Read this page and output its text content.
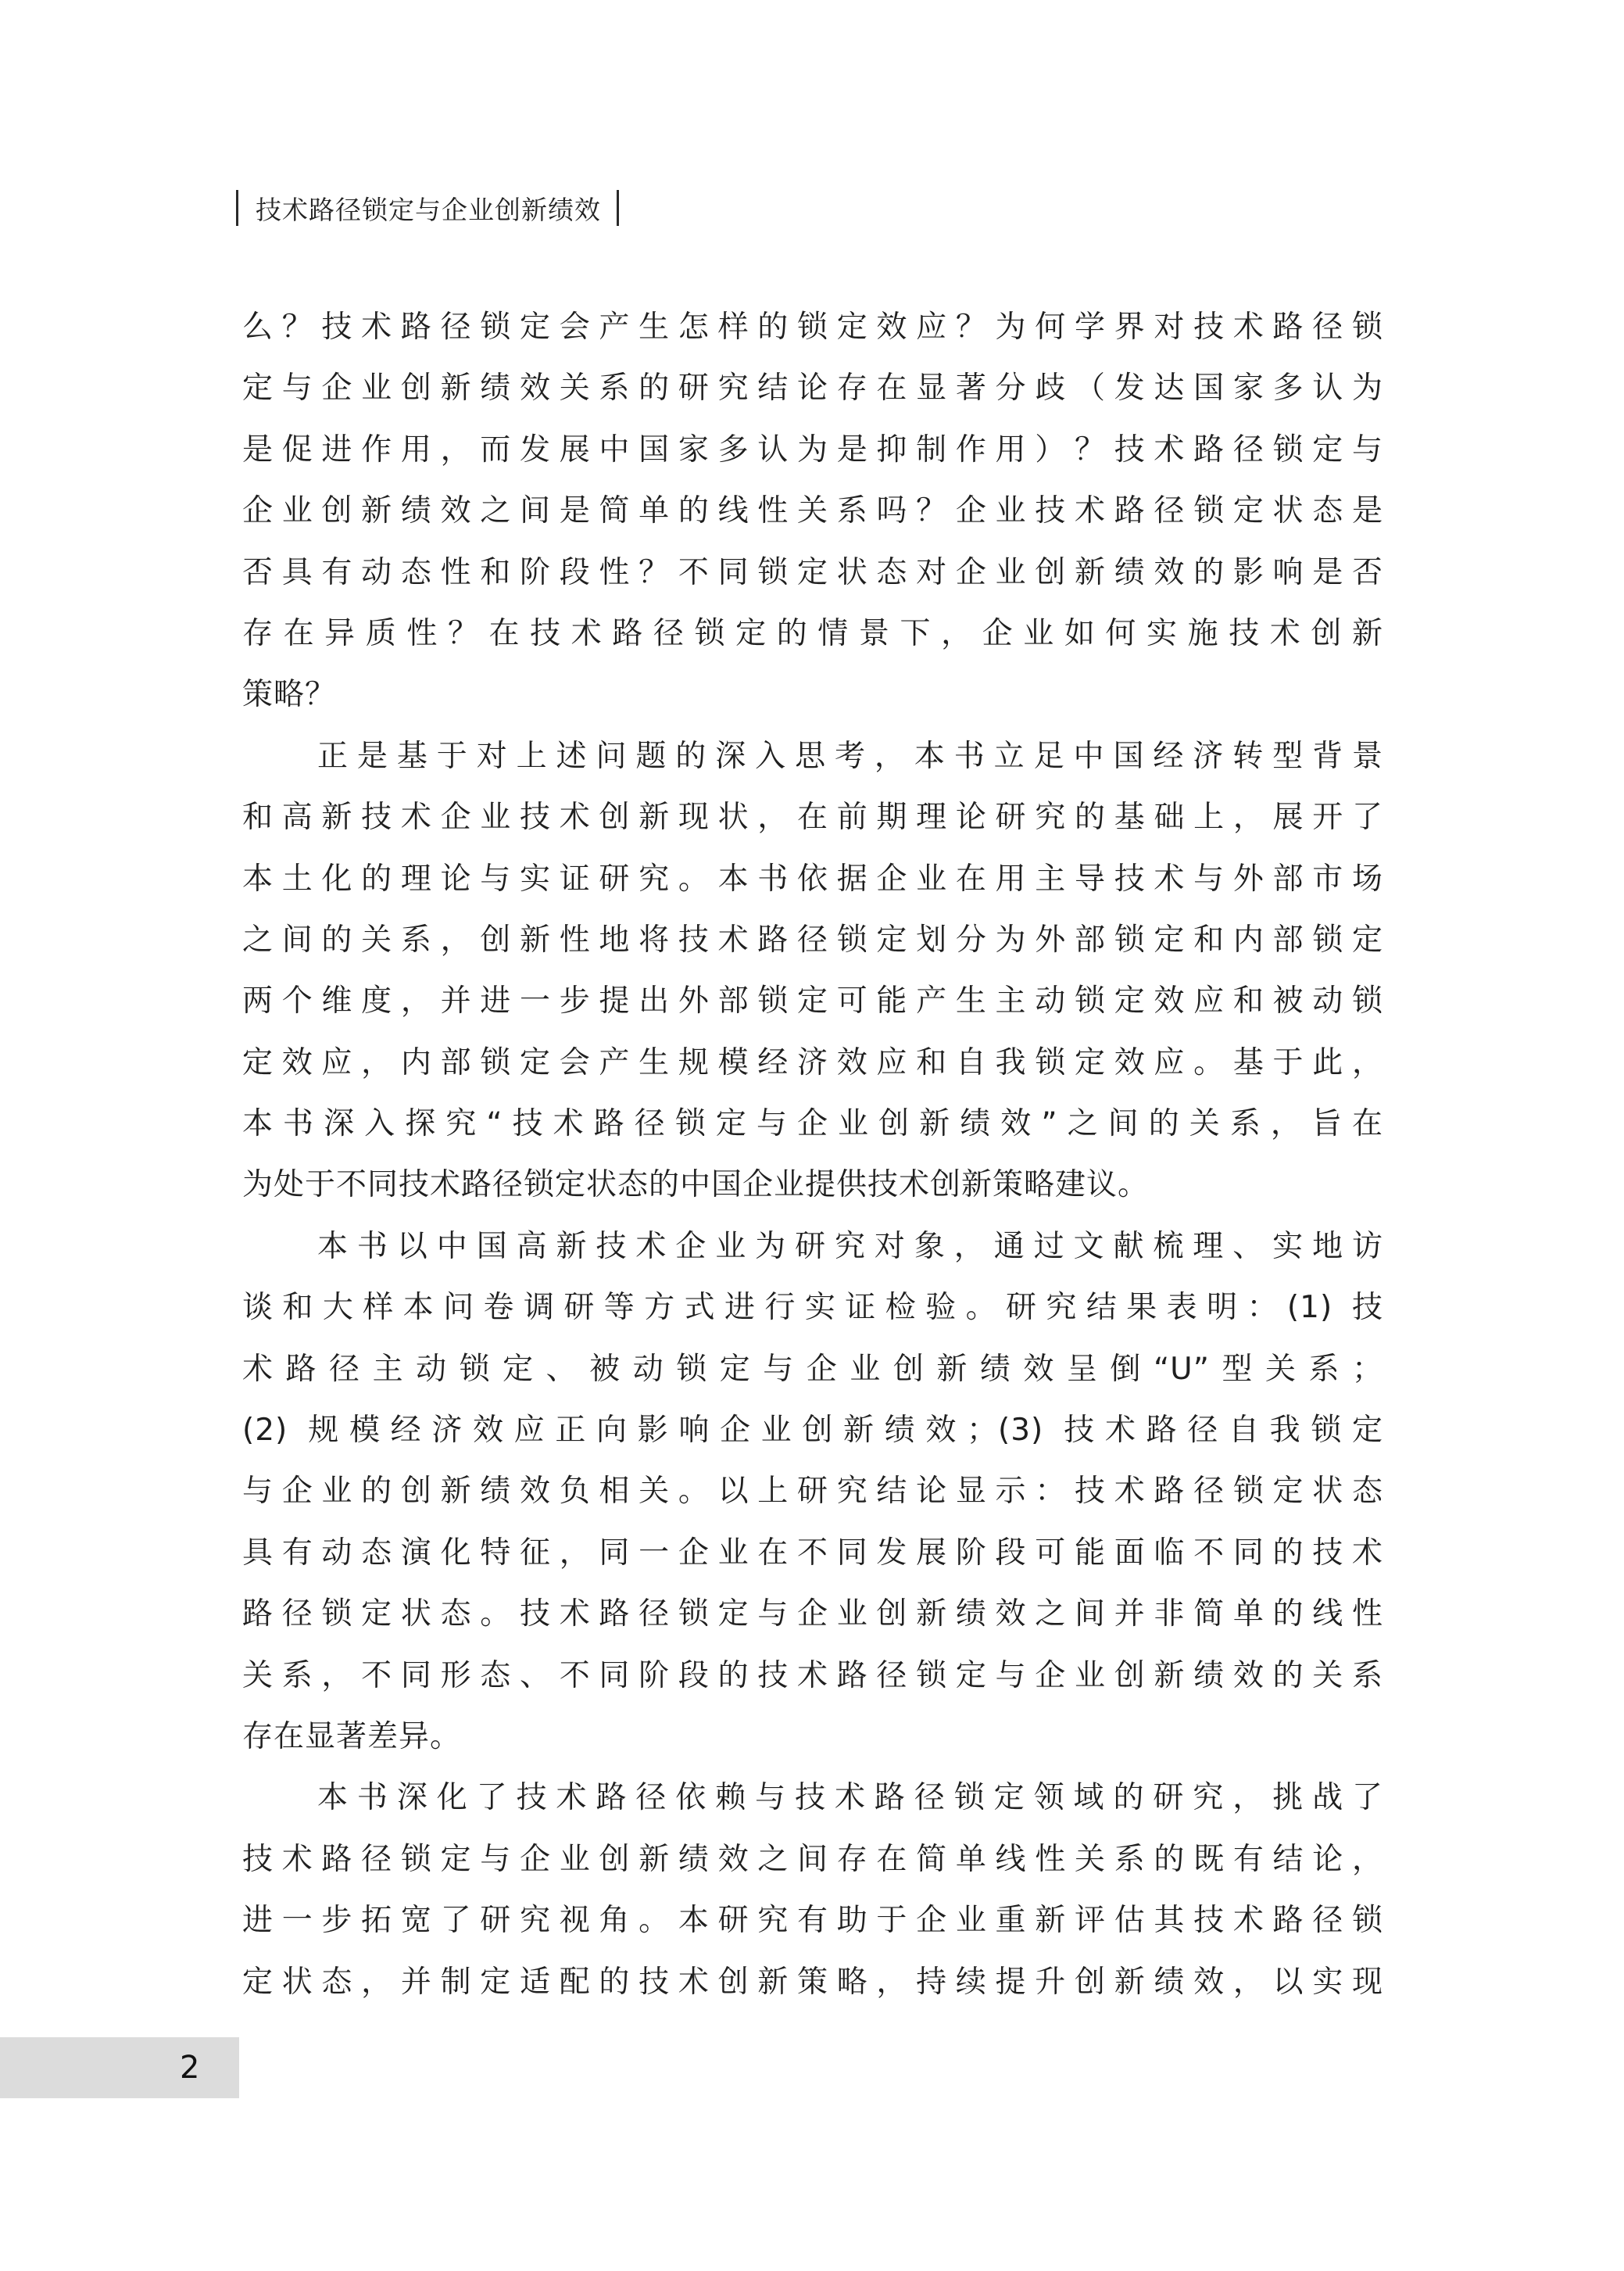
技术路径锁定与企业创新绩效
么？技术路径锁定会产生怎样的锁定效应？为何学界对技术路径锁
定与企业创新绩效关系的研究结论存在显著分歧（发达国家多认为
是促进作用，而发展中国家多认为是抑制作用）？技术路径锁定与
企业创新绩效之间是简单的线性关系吗？企业技术路径锁定状态是
否具有动态性和阶段性？不同锁定状态对企业创新绩效的影响是否
存在异质性？在技术路径锁定的情景下，企业如何实施技术创新
策略？
正是基于对上述问题的深入思考，本书立足中国经济转型背景
和高新技术企业技术创新现状，在前期理论研究的基础上，展开了
本土化的理论与实证研究。本书依据企业在用主导技术与外部市场
之间的关系，创新性地将技术路径锁定划分为外部锁定和内部锁定
两个维度，并进一步提出外部锁定可能产生主动锁定效应和被动锁
定效应，内部锁定会产生规模经济效应和自我锁定效应。基于此，
本书深入探究“技术路径锁定与企业创新绩效”之间的关系，旨在
为处于不同技术路径锁定状态的中国企业提供技术创新策略建议。
本书以中国高新技术企业为研究对象，通过文献梳理、实地访
谈和大样本问卷调研等方式进行实证检验。研究结果表明：(1) 技
术路径主动锁定、被动锁定与企业创新绩效呈倒“U”型关系；
(2) 规模经济效应正向影响企业创新绩效；(3) 技术路径自我锁定
与企业的创新绩效负相关。以上研究结论显示：技术路径锁定状态
具有动态演化特征，同一企业在不同发展阶段可能面临不同的技术
路径锁定状态。技术路径锁定与企业创新绩效之间并非简单的线性
关系，不同形态、不同阶段的技术路径锁定与企业创新绩效的关系
存在显著差异。
本书深化了技术路径依赖与技术路径锁定领域的研究，挑战了
技术路径锁定与企业创新绩效之间存在简单线性关系的既有结论，
进一步拓宽了研究视角。本研究有助于企业重新评估其技术路径锁
定状态，并制定适配的技术创新策略，持续提升创新绩效，以实现
2
